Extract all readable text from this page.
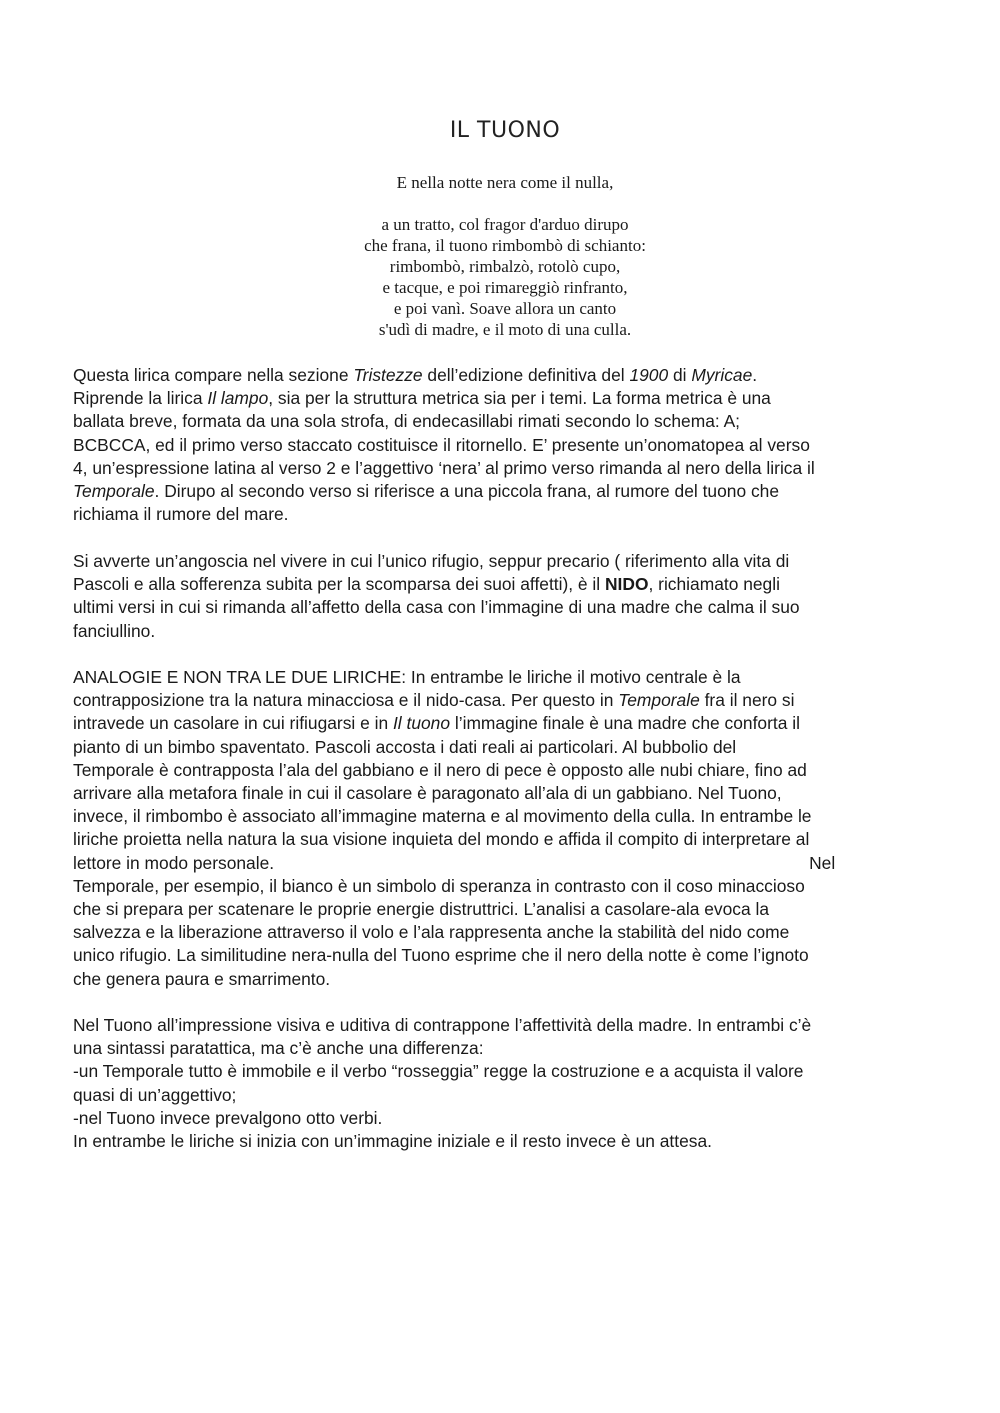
IL TUONO
E nella notte nera come il nulla,
a un tratto, col fragor d'arduo dirupo
che frana, il tuono rimbombò di schianto:
rimbombò, rimbalzò, rotolò cupo,
e tacque, e poi rimareggiò rinfranto,
e poi vanì. Soave allora un canto
s'udì di madre, e il moto di una culla.
Questa lirica compare nella sezione Tristezze dell’edizione definitiva del 1900 di Myricae.
Riprende la lirica Il lampo, sia per la struttura metrica sia per i temi. La forma metrica è una
ballata breve, formata da una sola strofa, di endecasillabi rimati secondo lo schema: A;
BCBCCA, ed il primo verso staccato costituisce il ritornello. E’ presente un’onomatopea al verso
4, un’espressione latina al verso 2 e l’aggettivo ‘nera’ al primo verso rimanda al nero della lirica il
Temporale. Dirupo al secondo verso si riferisce a una piccola frana, al rumore del tuono che
richiama il rumore del mare.
Si avverte un’angoscia nel vivere in cui l’unico rifugio, seppur precario ( riferimento alla vita di
Pascoli e alla sofferenza subita per la scomparsa dei suoi affetti), è il NIDO, richiamato negli
ultimi versi in cui si rimanda all’affetto della casa con l’immagine di una madre che calma il suo
fanciullino.
ANALOGIE E NON TRA LE DUE LIRICHE: In entrambe le liriche il motivo centrale è la
contrapposizione tra la natura minacciosa e il nido-casa. Per questo in Temporale fra il nero si
intravede un casolare in cui rifiugarsi e in Il tuono l’immagine finale è una madre che conforta il
pianto di un bimbo spaventato. Pascoli accosta i dati reali ai particolari. Al bubbolio del
Temporale è contrapposta l’ala del gabbiano e il nero di pece è opposto alle nubi chiare, fino ad
arrivare alla metafora finale in cui il casolare è paragonato all’ala di un gabbiano. Nel Tuono,
invece, il rimbombo è associato all’immagine materna e al movimento della culla. In entrambe le
liriche proietta nella natura la sua visione inquieta del mondo e affida il compito di interpretare al
lettore in modo personale.	Nel
Temporale, per esempio, il bianco è un simbolo di speranza in contrasto con il coso minaccioso
che si prepara per scatenare le proprie energie distruttrici. L’analisi a casolare-ala evoca la
salvezza e la liberazione attraverso il volo e l’ala rappresenta anche la stabilità del nido come
unico rifugio. La similitudine nera-nulla del Tuono esprime che il nero della notte è come l’ignoto
che genera paura e smarrimento.
Nel Tuono all’impressione visiva e uditiva di contrappone l’affettività della madre. In entrambi c’è
una sintassi paratattica, ma c’è anche una differenza:
-un Temporale tutto è immobile e il verbo “rosseggia” regge la costruzione e a acquista il valore
quasi di un’aggettivo;
-nel Tuono invece prevalgono otto verbi.
In entrambe le liriche si inizia con un’immagine iniziale e il resto invece è un attesa.
